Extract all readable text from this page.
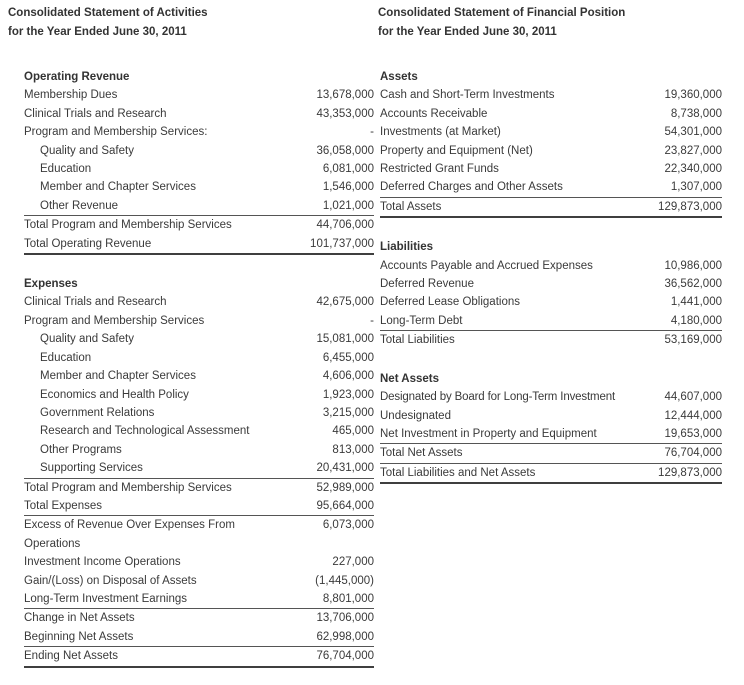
Consolidated Statement of Activities
for the Year Ended June 30, 2011
Operating Revenue	
Membership Dues	13,678,000
Clinical Trials and Research	43,353,000
Program and Membership Services:	-
Quality and Safety	36,058,000
Education	6,081,000
Member and Chapter Services	1,546,000
Other Revenue	1,021,000
Total Program and Membership Services	44,706,000
Total Operating Revenue	101,737,000

Expenses	
Clinical Trials and Research	42,675,000
Program and Membership Services	-
Quality and Safety	15,081,000
Education	6,455,000
Member and Chapter Services	4,606,000
Economics and Health Policy	1,923,000
Government Relations	3,215,000
Research and Technological Assessment	465,000
Other Programs	813,000
Supporting Services	20,431,000
Total Program and Membership Services	52,989,000
Total Expenses	95,664,000
Excess of Revenue Over Expenses From Operations	6,073,000
Investment Income Operations	227,000
Gain/(Loss) on Disposal of Assets	(1,445,000)
Long-Term Investment Earnings	8,801,000
Change in Net Assets	13,706,000
Beginning Net Assets	62,998,000
Ending Net Assets	76,704,000
Consolidated Statement of Financial Position
for the Year Ended June 30, 2011
Assets	
Cash and Short-Term Investments	19,360,000
Accounts Receivable	8,738,000
Investments (at Market)	54,301,000
Property and Equipment (Net)	23,827,000
Restricted Grant Funds	22,340,000
Deferred Charges and Other Assets	1,307,000
Total Assets	129,873,000

Liabilities	
Accounts Payable and Accrued Expenses	10,986,000
Deferred Revenue	36,562,000
Deferred Lease Obligations	1,441,000
Long-Term Debt	4,180,000
Total Liabilities	53,169,000

Net Assets	
Designated by Board for Long-Term Investment	44,607,000
Undesignated	12,444,000
Net Investment in Property and Equipment	19,653,000
Total Net Assets	76,704,000
Total Liabilities and Net Assets	129,873,000
